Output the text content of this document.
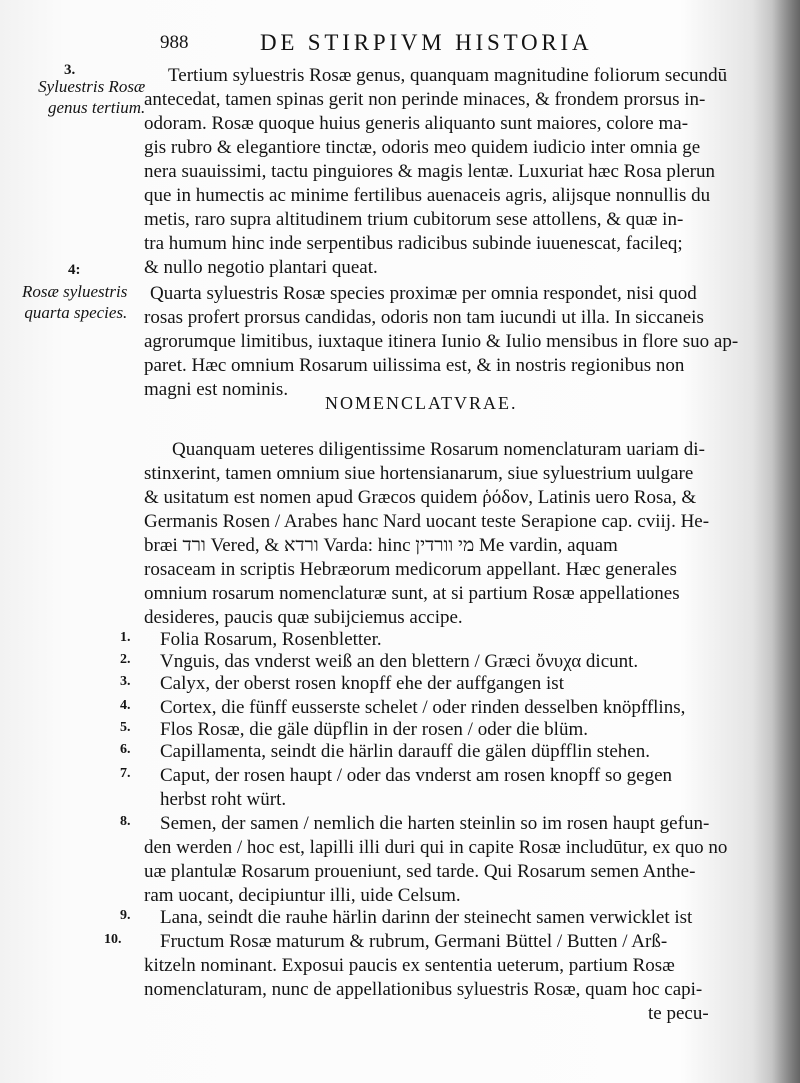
988	DE STIRPIVM HISTORIA
3.
Syluestris Rosæ
genus tertium.
4:
Rosæ syluestris
quarta species.
Tertium syluestris Rosæ genus, quanquam magnitudine foliorum secundū
antecedat, tamen spinas gerit non perinde minaces, & frondem prorsus in-
odoram. Rosæ quoque huius generis aliquanto sunt maiores, colore ma-
gis rubro & elegantiore tinctæ, odoris meo quidem iudicio inter omnia ge
nera suauissimi, tactu pinguiores & magis lentæ. Luxuriat hæc Rosa plerun
que in humectis ac minime fertilibus auenaceis agris, alijsque nonnullis du
metis, raro supra altitudinem trium cubitorum sese attollens, & quæ in-
tra humum hinc inde serpentibus radicibus subinde iuuenescat, facileq;
& nullo negotio plantari queat.
Quarta syluestris Rosæ species proximæ per omnia respondet, nisi quod
rosas profert prorsus candidas, odoris non tam iucundi ut illa. In siccaneis
agrorumque limitibus, iuxtaque itinera Iunio & Iulio mensibus in flore suo ap-
paret. Hæc omnium Rosarum uilissima est, & in nostris regionibus non
magni est nominis.
NOMENCLATVRAE.
Quanquam ueteres diligentissime Rosarum nomenclaturam uariam di-
stinxerint, tamen omnium siue hortensianarum, siue syluestrium uulgare
& usitatum est nomen apud Græcos quidem ῥόδον, Latinis uero Rosa, &
Germanis Rosen / Arabes hanc Nard uocant teste Serapione cap. cviij. He-
bræi ורד Vered, & ורדא Varda: hinc מי וורדין Me vardin, aquam
rosaceam in scriptis Hebræorum medicorum appellant. Hæc generales
omnium rosarum nomenclaturæ sunt, at si partium Rosæ appellationes
desideres, paucis quæ subijciemus accipe.
1. Folia Rosarum, Rosenbletter.
2. Vnguis, das vnderst weiß an den blettern / Græci ὄνυχα dicunt.
3. Calyx, der oberst rosen knopff ehe der auffgangen ist
4. Cortex, die fünff eusserste schelet / oder rinden desselben knöpfflins,
5. Flos Rosæ, die gäle düpflin in der rosen / oder die blüm.
6. Capillamenta, seindt die härlin darauff die gälen düpfflin stehen.
7. Caput, der rosen haupt / oder das vnderst am rosen knopff so gegen
herbst roht würt.
8. Semen, der samen / nemlich die harten steinlin so im rosen haupt gefun-
den werden / hoc est, lapilli illi duri qui in capite Rosæ includūtur, ex quo no
uæ plantulæ Rosarum proueniunt, sed tarde. Qui Rosarum semen Anthe-
ram uocant, decipiuntur illi, uide Celsum.
9. Lana, seindt die rauhe härlin darinn der steinecht samen verwicklet ist
10. Fructum Rosæ maturum & rubrum, Germani Büttel / Butten / Arß-
kitzeln nominant. Exposui paucis ex sententia ueterum, partium Rosæ
nomenclaturam, nunc de appellationibus syluestris Rosæ, quam hoc capi-
te pecu-
